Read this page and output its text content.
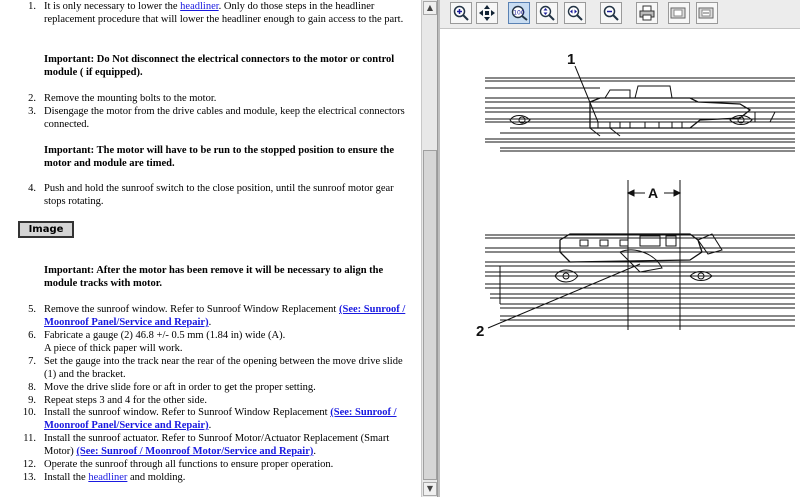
1. It is only necessary to lower the headliner. Only do those steps in the headliner replacement procedure that will lower the headliner enough to gain access to the part.
Important: Do Not disconnect the electrical connectors to the motor or control module ( if equipped).
2. Remove the mounting bolts to the motor.
3. Disengage the motor from the drive cables and module, keep the electrical connectors connected.
Important: The motor will have to be run to the stopped position to ensure the motor and module are timed.
4. Push and hold the sunroof switch to the close position, until the sunroof motor gear stops rotating.
Image
Important: After the motor has been remove it will be necessary to align the module tracks with motor.
5. Remove the sunroof window. Refer to Sunroof Window Replacement (See: Sunroof / Moonroof Panel/Service and Repair).
6. Fabricate a gauge (2) 46.8 +/- 0.5 mm (1.84 in) wide (A).
A piece of thick paper will work.
7. Set the gauge into the track near the rear of the opening between the move drive slide (1) and the bracket.
8. Move the drive slide fore or aft in order to get the proper setting.
9. Repeat steps 3 and 4 for the other side.
10. Install the sunroof window. Refer to Sunroof Window Replacement (See: Sunroof / Moonroof Panel/Service and Repair).
11. Install the sunroof actuator. Refer to Sunroof Motor/Actuator Replacement (Smart Motor) (See: Sunroof / Moonroof Motor/Service and Repair).
12. Operate the sunroof through all functions to ensure proper operation.
13. Install the headliner and molding.
▲
▼
100
1
A
2
